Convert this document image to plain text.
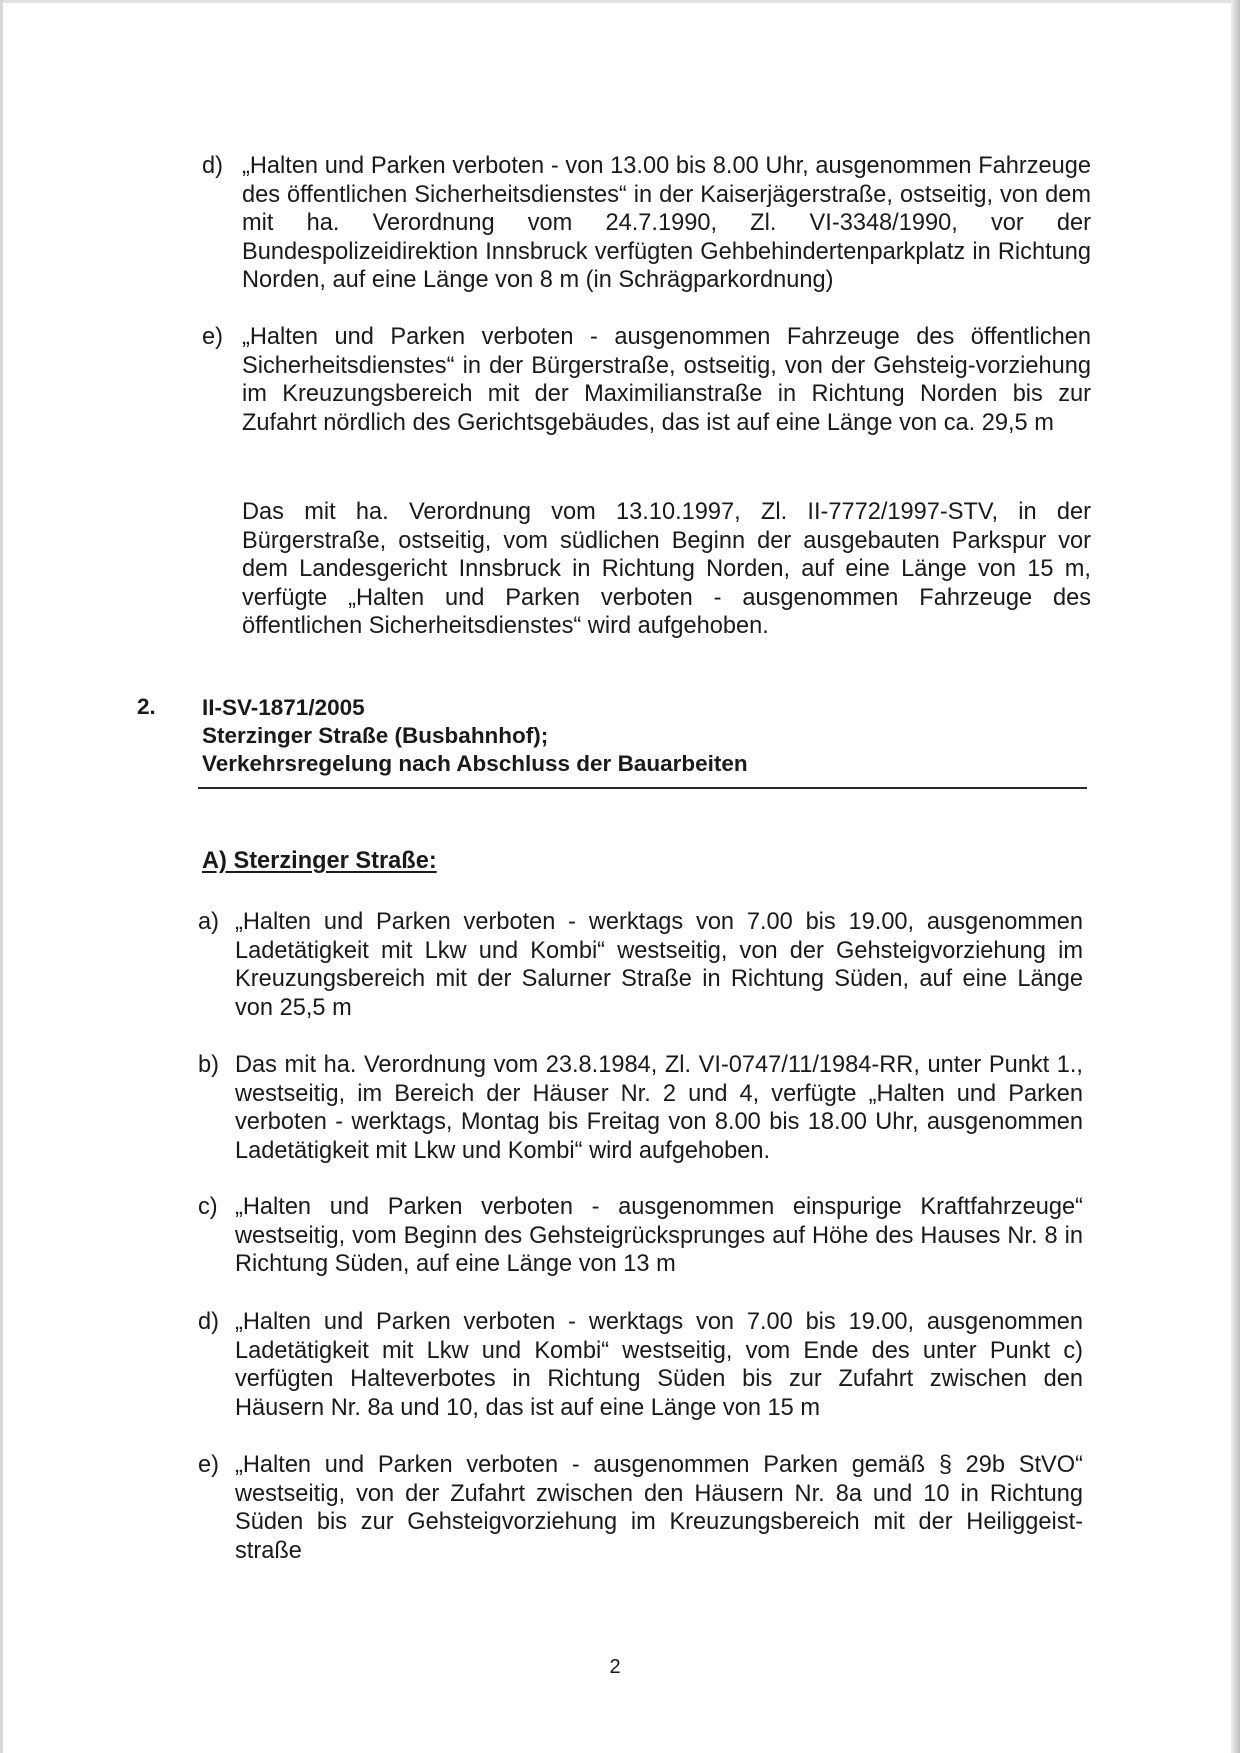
d) „Halten und Parken verboten - von 13.00 bis 8.00 Uhr, ausgenommen Fahrzeuge des öffentlichen Sicherheitsdienstes“ in der Kaiserjägerstraße, ostseitig, von dem mit ha. Verordnung vom 24.7.1990, Zl. VI-3348/1990, vor der Bundespolizeidirektion Innsbruck verfügten Gehbehindertenparkplatz in Richtung Norden, auf eine Länge von 8 m (in Schrägparkordnung)
e) „Halten und Parken verboten - ausgenommen Fahrzeuge des öffentlichen Sicherheitsdienstes“ in der Bürgerstraße, ostseitig, von der Gehsteig-vorziehung im Kreuzungsbereich mit der Maximilianstraße in Richtung Norden bis zur Zufahrt nördlich des Gerichtsgebäudes, das ist auf eine Länge von ca. 29,5 m
Das mit ha. Verordnung vom 13.10.1997, Zl. II-7772/1997-STV, in der Bürgerstraße, ostseitig, vom südlichen Beginn der ausgebauten Parkspur vor dem Landesgericht Innsbruck in Richtung Norden, auf eine Länge von 15 m, verfügte „Halten und Parken verboten - ausgenommen Fahrzeuge des öffentlichen Sicherheitsdienstes“ wird aufgehoben.
2. II-SV-1871/2005
Sterzinger Straße (Busbahnhof);
Verkehrsregelung nach Abschluss der Bauarbeiten
A) Sterzinger Straße:
a) „Halten und Parken verboten - werktags von 7.00 bis 19.00, ausgenommen Ladetätigkeit mit Lkw und Kombi“ westseitig, von der Gehsteigvorziehung im Kreuzungsbereich mit der Salurner Straße in Richtung Süden, auf eine Länge von 25,5 m
b) Das mit ha. Verordnung vom 23.8.1984, Zl. VI-0747/11/1984-RR, unter Punkt 1., westseitig, im Bereich der Häuser Nr. 2 und 4, verfügte „Halten und Parken verboten - werktags, Montag bis Freitag von 8.00 bis 18.00 Uhr, ausgenommen Ladetätigkeit mit Lkw und Kombi“ wird aufgehoben.
c) „Halten und Parken verboten - ausgenommen einspurige Kraftfahrzeuge“ westseitig, vom Beginn des Gehsteigrücksprunges auf Höhe des Hauses Nr. 8 in Richtung Süden, auf eine Länge von 13 m
d) „Halten und Parken verboten - werktags von 7.00 bis 19.00, ausgenommen Ladetätigkeit mit Lkw und Kombi“ westseitig, vom Ende des unter Punkt c) verfügten Halteverbotes in Richtung Süden bis zur Zufahrt zwischen den Häusern Nr. 8a und 10, das ist auf eine Länge von 15 m
e) „Halten und Parken verboten - ausgenommen Parken gemäß § 29b StVO“ westseitig, von der Zufahrt zwischen den Häusern Nr. 8a und 10 in Richtung Süden bis zur Gehsteigvorziehung im Kreuzungsbereich mit der Heiliggeist-straße
2
